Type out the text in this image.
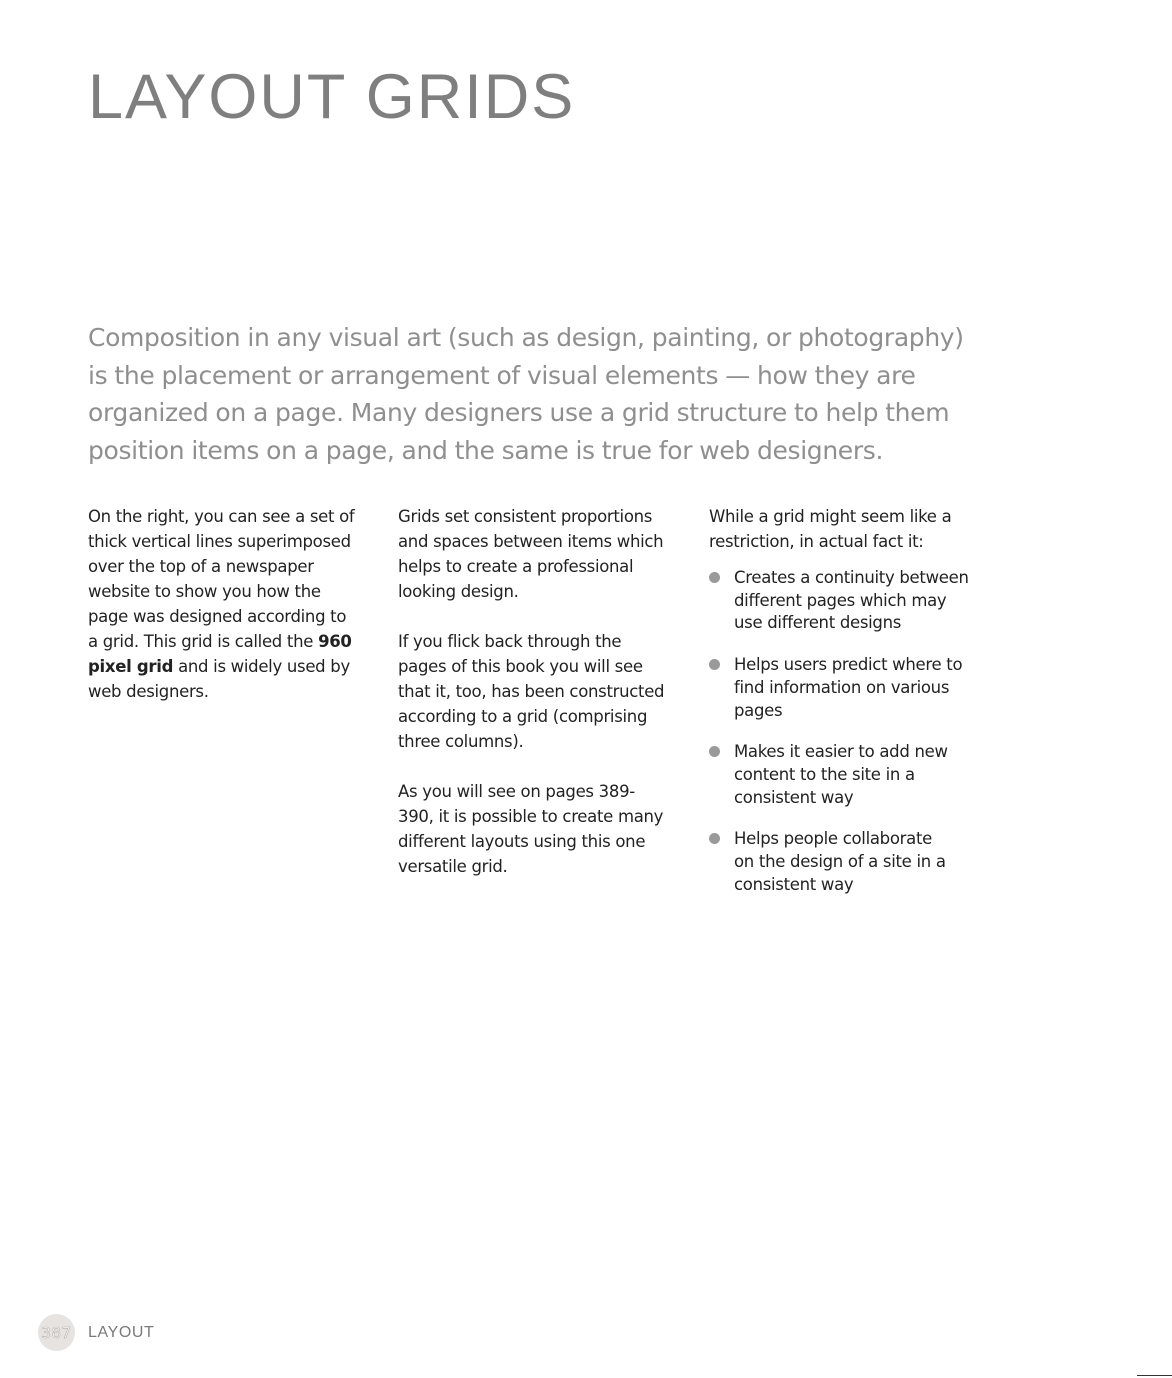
LAYOUT GRIDS
Composition in any visual art (such as design, painting, or photography)
is the placement or arrangement of visual elements — how they are
organized on a page. Many designers use a grid structure to help them
position items on a page, and the same is true for web designers.

On the right, you can see a set of
thick vertical lines superimposed
over the top of a newspaper
website to show you how the
page was designed according to
a grid. This grid is called the 960
pixel grid and is widely used by
web designers.

Grids set consistent proportions
and spaces between items which
helps to create a professional
looking design.

If you flick back through the
pages of this book you will see
that it, too, has been constructed
according to a grid (comprising
three columns).

As you will see on pages 389-
390, it is possible to create many
different layouts using this one
versatile grid.

While a grid might seem like a
restriction, in actual fact it:

Creates a continuity between
different pages which may
use different designs
Helps users predict where to
find information on various
pages
Makes it easier to add new
content to the site in a
consistent way
Helps people collaborate
on the design of a site in a
consistent way
387 LAYOUT
